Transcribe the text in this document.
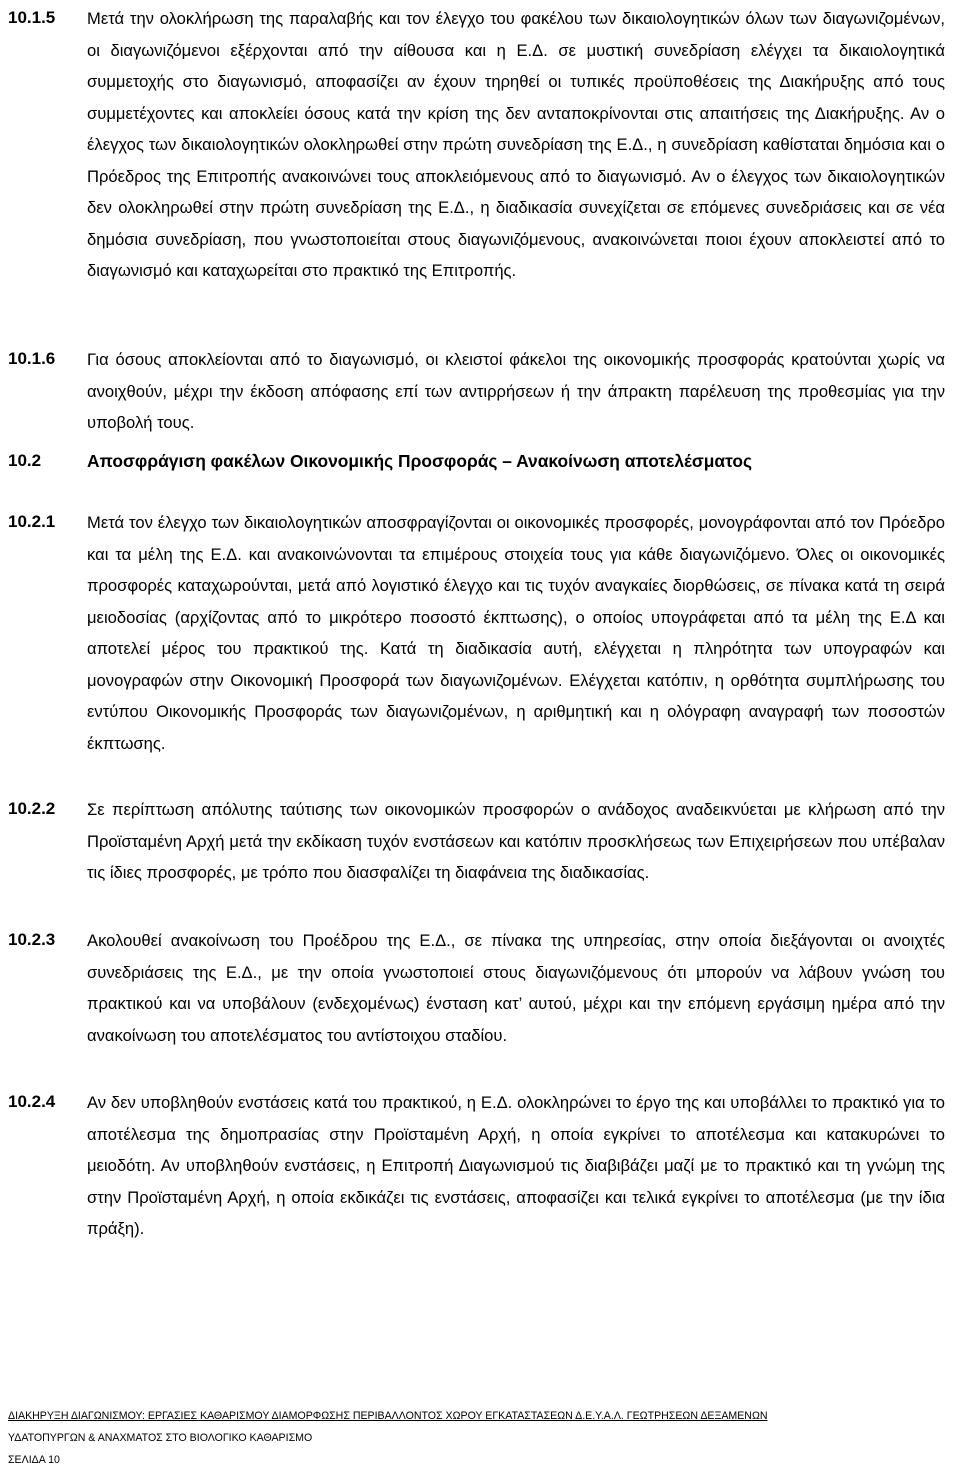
10.1.5 Μετά την ολοκλήρωση της παραλαβής και τον έλεγχο του φακέλου των δικαιολογητικών όλων των διαγωνιζομένων, οι διαγωνιζόμενοι εξέρχονται από την αίθουσα και η Ε.Δ. σε μυστική συνεδρίαση ελέγχει τα δικαιολογητικά συμμετοχής στο διαγωνισμό, αποφασίζει αν έχουν τηρηθεί οι τυπικές προϋποθέσεις της Διακήρυξης από τους συμμετέχοντες και αποκλείει όσους κατά την κρίση της δεν ανταποκρίνονται στις απαιτήσεις της Διακήρυξης. Αν ο έλεγχος των δικαιολογητικών ολοκληρωθεί στην πρώτη συνεδρίαση της Ε.Δ., η συνεδρίαση καθίσταται δημόσια και ο Πρόεδρος της Επιτροπής ανακοινώνει τους αποκλειόμενους από το διαγωνισμό. Αν ο έλεγχος των δικαιολογητικών δεν ολοκληρωθεί στην πρώτη συνεδρίαση της Ε.Δ., η διαδικασία συνεχίζεται σε επόμενες συνεδριάσεις και σε νέα δημόσια συνεδρίαση, που γνωστοποιείται στους διαγωνιζόμενους, ανακοινώνεται ποιοι έχουν αποκλειστεί από το διαγωνισμό και καταχωρείται στο πρακτικό της Επιτροπής.
10.1.6 Για όσους αποκλείονται από το διαγωνισμό, οι κλειστοί φάκελοι της οικονομικής προσφοράς κρατούνται χωρίς να ανοιχθούν, μέχρι την έκδοση απόφασης επί των αντιρρήσεων ή την άπρακτη παρέλευση της προθεσμίας για την υποβολή τους.
10.2	Αποσφράγιση φακέλων Οικονομικής Προσφοράς – Ανακοίνωση αποτελέσματος
10.2.1 Μετά τον έλεγχο των δικαιολογητικών αποσφραγίζονται οι οικονομικές προσφορές, μονογράφονται από τον Πρόεδρο και τα μέλη της Ε.Δ. και ανακοινώνονται τα επιμέρους στοιχεία τους για κάθε διαγωνιζόμενο. Όλες οι οικονομικές προσφορές καταχωρούνται, μετά από λογιστικό έλεγχο και τις τυχόν αναγκαίες διορθώσεις, σε πίνακα κατά τη σειρά μειοδοσίας (αρχίζοντας από το μικρότερο ποσοστό έκπτωσης), ο οποίος υπογράφεται από τα μέλη της Ε.Δ και αποτελεί μέρος του πρακτικού της. Κατά τη διαδικασία αυτή, ελέγχεται η πληρότητα των υπογραφών και μονογραφών στην Οικονομική Προσφορά των διαγωνιζομένων. Ελέγχεται κατόπιν, η ορθότητα συμπλήρωσης του εντύπου Οικονομικής Προσφοράς των διαγωνιζομένων, η αριθμητική και η ολόγραφη αναγραφή των ποσοστών έκπτωσης.
10.2.2 Σε περίπτωση απόλυτης ταύτισης των οικονομικών προσφορών ο ανάδοχος αναδεικνύεται με κλήρωση από την Προϊσταμένη Αρχή μετά την εκδίκαση τυχόν ενστάσεων και κατόπιν προσκλήσεως των Επιχειρήσεων που υπέβαλαν τις ίδιες προσφορές, με τρόπο που διασφαλίζει τη διαφάνεια της διαδικασίας.
10.2.3 Ακολουθεί ανακοίνωση του Προέδρου της Ε.Δ., σε πίνακα της υπηρεσίας, στην οποία διεξάγονται οι ανοιχτές συνεδριάσεις της Ε.Δ., με την οποία γνωστοποιεί στους διαγωνιζόμενους ότι μπορούν να λάβουν γνώση του πρακτικού και να υποβάλουν (ενδεχομένως) ένσταση κατ’ αυτού, μέχρι και την επόμενη εργάσιμη ημέρα από την ανακοίνωση του αποτελέσματος του αντίστοιχου σταδίου.
10.2.4 Αν δεν υποβληθούν ενστάσεις κατά του πρακτικού, η Ε.Δ. ολοκληρώνει το έργο της και υποβάλλει το πρακτικό για το αποτέλεσμα της δημοπρασίας στην Προϊσταμένη Αρχή, η οποία εγκρίνει το αποτέλεσμα και κατακυρώνει το μειοδότη. Αν υποβληθούν ενστάσεις, η Επιτροπή Διαγωνισμού τις διαβιβάζει μαζί με το πρακτικό και τη γνώμη της στην Προϊσταμένη Αρχή, η οποία εκδικάζει τις ενστάσεις, αποφασίζει και τελικά εγκρίνει το αποτέλεσμα (με την ίδια πράξη).
ΔΙΑΚΗΡΥΞΗ ΔΙΑΓΩΝΙΣΜΟΥ: ΕΡΓΑΣΙΕΣ ΚΑΘΑΡΙΣΜΟΥ ΔΙΑΜΟΡΦΩΣΗΣ ΠΕΡΙΒΑΛΛΟΝΤΟΣ ΧΩΡΟΥ ΕΓΚΑΤΑΣΤΑΣΕΩΝ Δ.Ε.Υ.Α.Λ. ΓΕΩΤΡΗΣΕΩΝ ΔΕΞΑΜΕΝΩΝ
ΥΔΑΤΟΠΥΡΓΩΝ & ΑΝΑΧΜΑΤΟΣ ΣΤΟ ΒΙΟΛΟΓΙΚΟ ΚΑΘΑΡΙΣΜΟ
ΣΕΛΙΔΑ 10
